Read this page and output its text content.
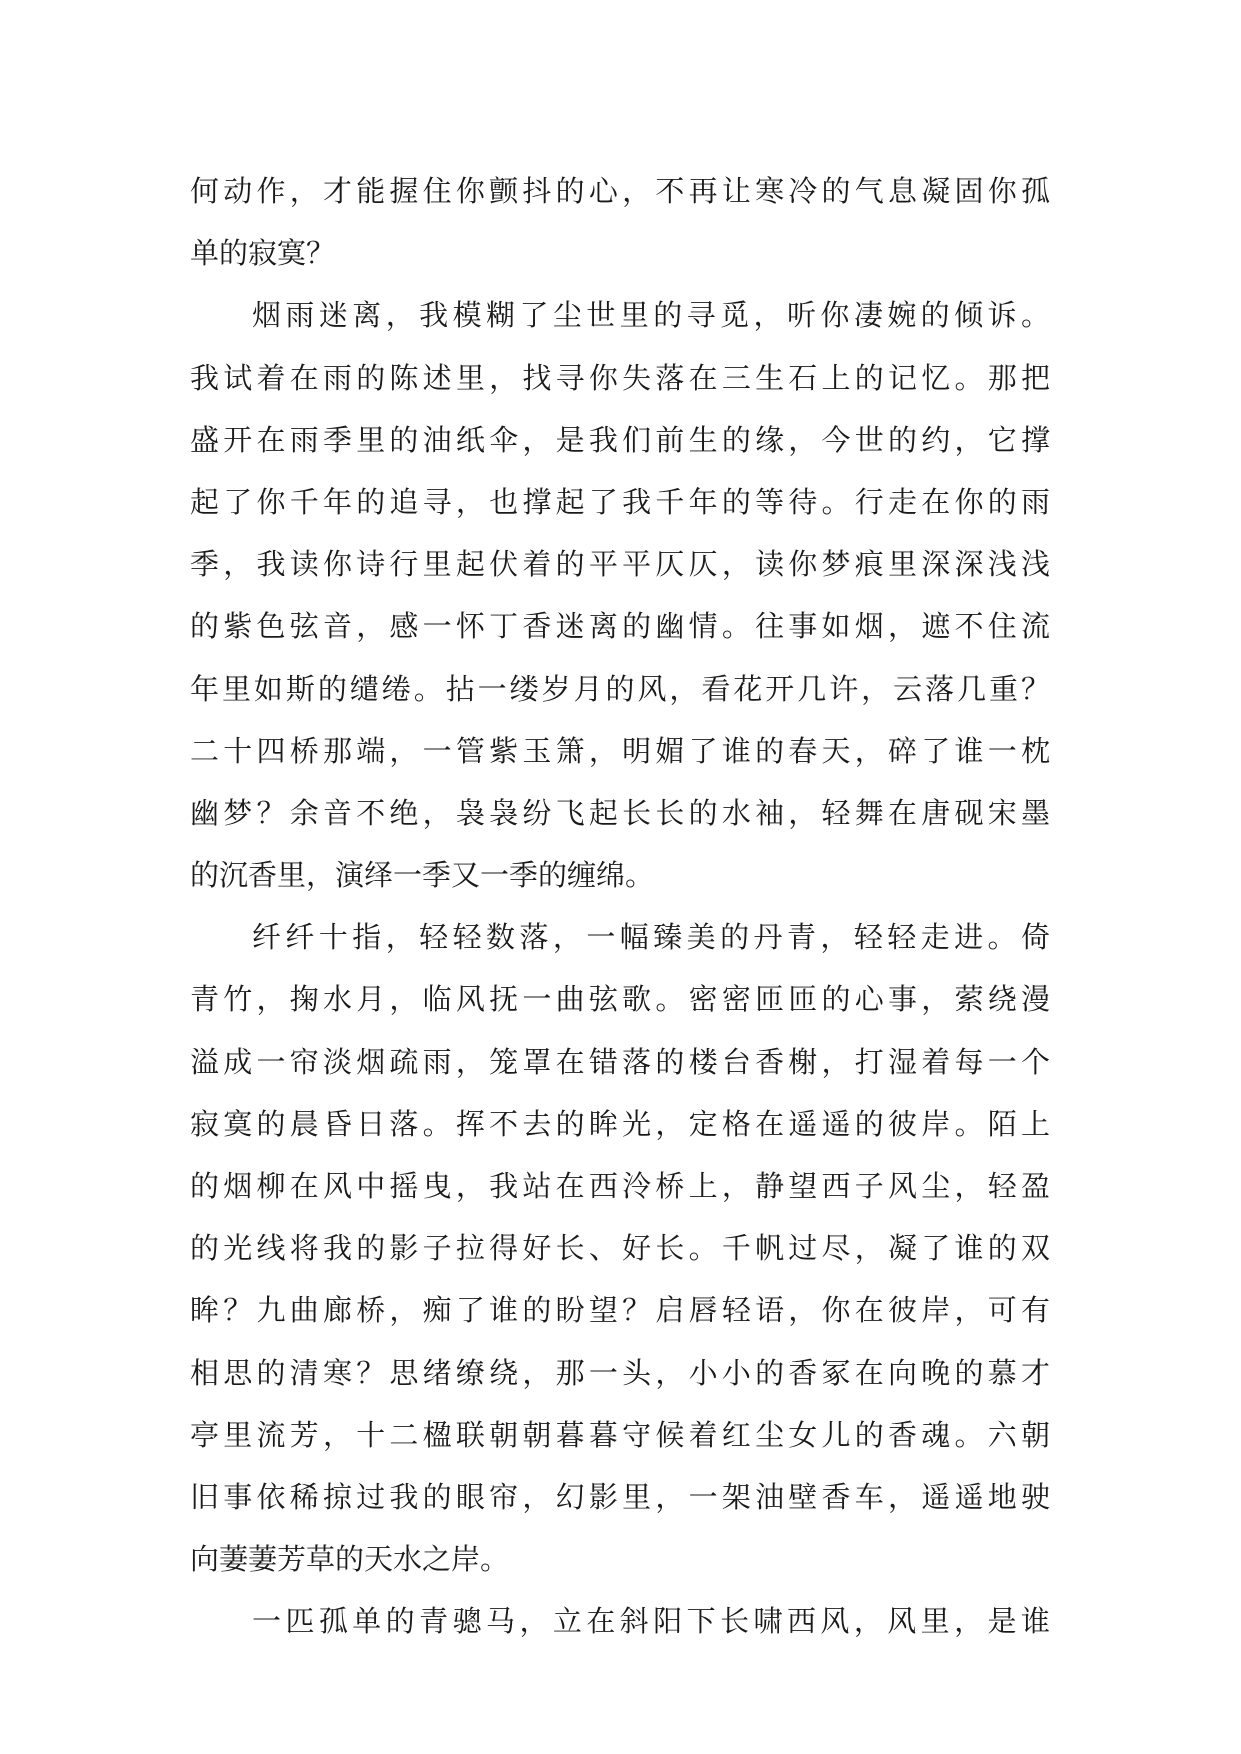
何动作，才能握住你颤抖的心，不再让寒冷的气息凝固你孤
单的寂寞？
烟雨迷离，我模糊了尘世里的寻觅，听你凄婉的倾诉。
我试着在雨的陈述里，找寻你失落在三生石上的记忆。那把
盛开在雨季里的油纸伞，是我们前生的缘，今世的约，它撑
起了你千年的追寻，也撑起了我千年的等待。行走在你的雨
季，我读你诗行里起伏着的平平仄仄，读你梦痕里深深浅浅
的紫色弦音，感一怀丁香迷离的幽情。往事如烟，遮不住流
年里如斯的缱绻。拈一缕岁月的风，看花开几许，云落几重？
二十四桥那端，一管紫玉箫，明媚了谁的春天，碎了谁一枕
幽梦？余音不绝，袅袅纷飞起长长的水袖，轻舞在唐砚宋墨
的沉香里，演绎一季又一季的缠绵。
纤纤十指，轻轻数落，一幅臻美的丹青，轻轻走进。倚
青竹，掬水月，临风抚一曲弦歌。密密匝匝的心事，萦绕漫
溢成一帘淡烟疏雨，笼罩在错落的楼台香榭，打湿着每一个
寂寞的晨昏日落。挥不去的眸光，定格在遥遥的彼岸。陌上
的烟柳在风中摇曳，我站在西泠桥上，静望西子风尘，轻盈
的光线将我的影子拉得好长、好长。千帆过尽，凝了谁的双
眸？九曲廊桥，痴了谁的盼望？启唇轻语，你在彼岸，可有
相思的清寒？思绪缭绕，那一头，小小的香冢在向晚的慕才
亭里流芳，十二楹联朝朝暮暮守候着红尘女儿的香魂。六朝
旧事依稀掠过我的眼帘，幻影里，一架油壁香车，遥遥地驶
向萋萋芳草的天水之岸。
一匹孤单的青骢马，立在斜阳下长啸西风，风里，是谁
